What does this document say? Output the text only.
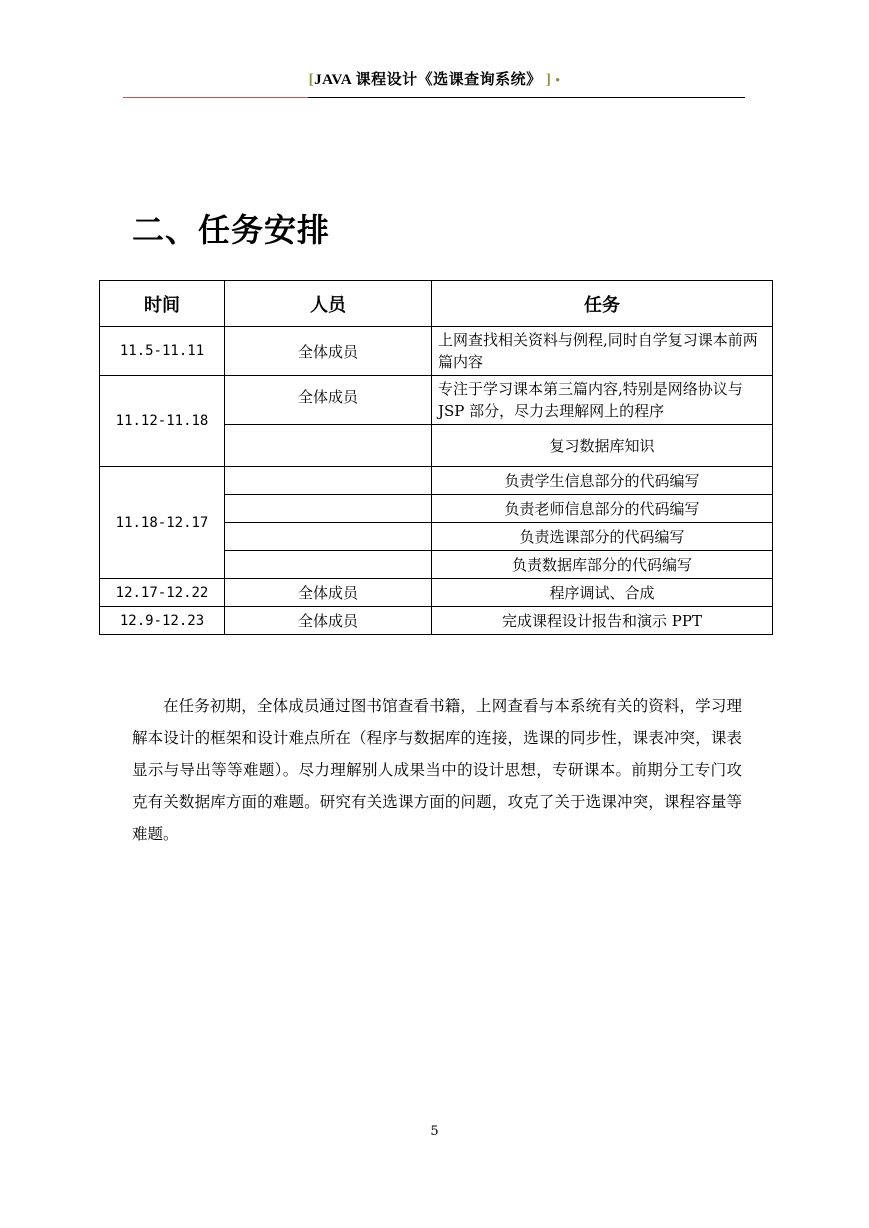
[JAVA 课程设计《选课查询系统》 ] •
二、任务安排
时间	人员	任务
11.5-11.11	全体成员	上网查找相关资料与例程,同时自学复习课本前两篇内容
11.12-11.18	全体成员	专注于学习课本第三篇内容,特别是网络协议与 JSP 部分，尽力去理解网上的程序
		复习数据库知识
11.18-12.17		负责学生信息部分的代码编写
		负责老师信息部分的代码编写
		负责选课部分的代码编写
		负责数据库部分的代码编写
12.17-12.22	全体成员	程序调试、合成
12.9-12.23	全体成员	完成课程设计报告和演示 PPT

在任务初期，全体成员通过图书馆查看书籍，上网查看与本系统有关的资料，学习理解本设计的框架和设计难点所在（程序与数据库的连接，选课的同步性，课表冲突，课表显示与导出等等难题）。尽力理解别人成果当中的设计思想，专研课本。前期分工专门攻克有关数据库方面的难题。研究有关选课方面的问题，攻克了关于选课冲突，课程容量等难题。

5
